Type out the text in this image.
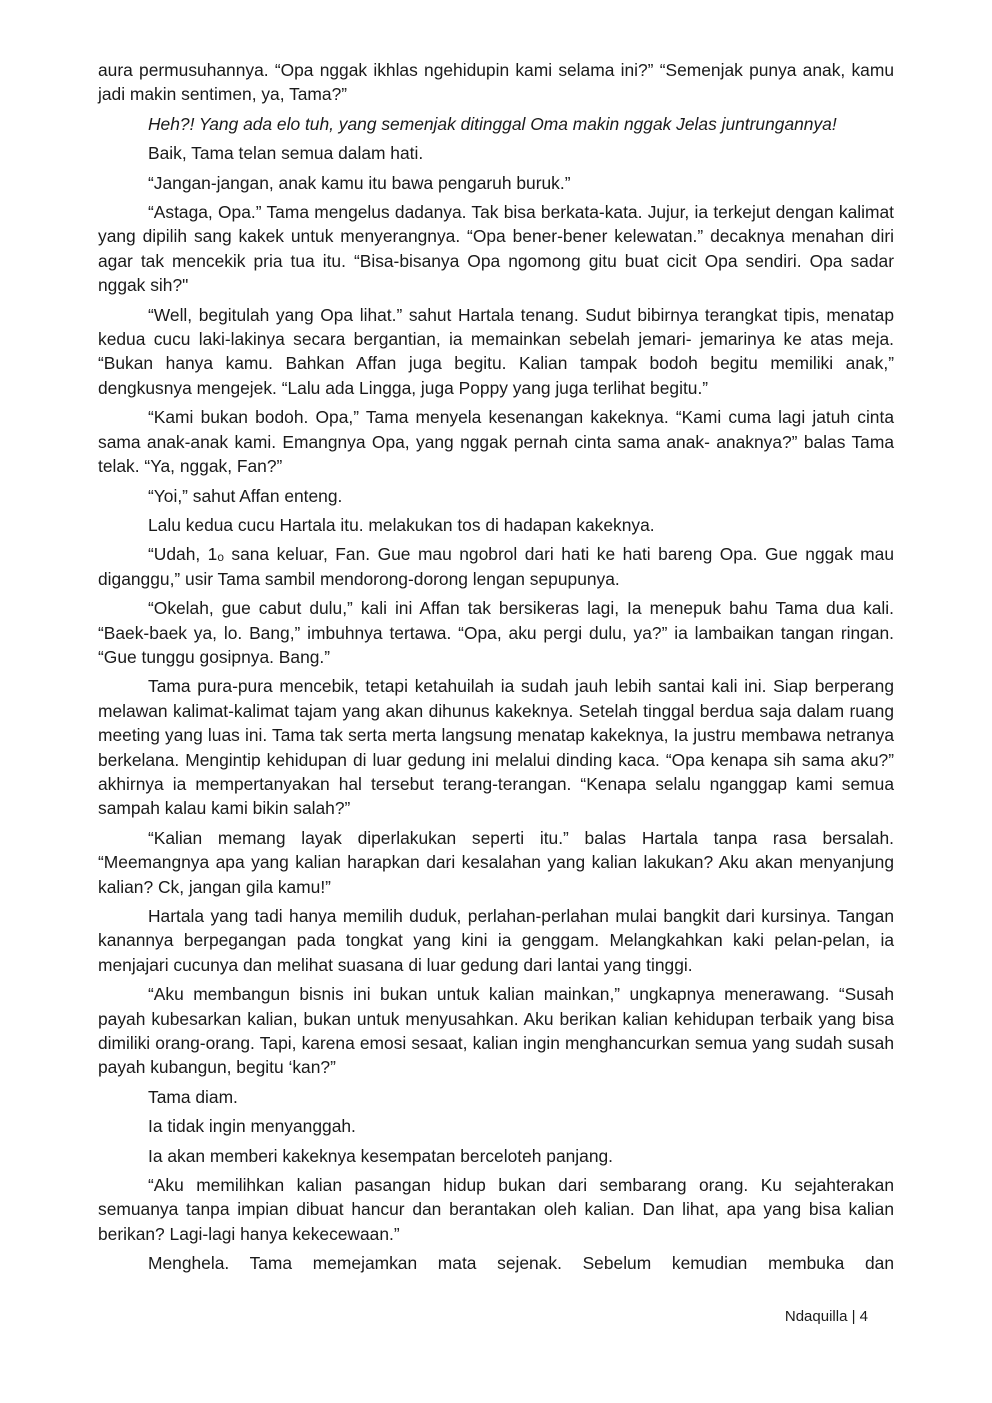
aura permusuhannya. “Opa nggak ikhlas ngehidupin kami selama ini?” “Semenjak punya anak, kamu jadi makin sentimen, ya, Tama?”

Heh?! Yang ada elo tuh, yang semenjak ditinggal Oma makin nggak Jelas juntrungannya!

Baik, Tama telan semua dalam hati.

“Jangan-jangan, anak kamu itu bawa pengaruh buruk.”

“Astaga, Opa.” Tama mengelus dadanya. Tak bisa berkata-kata. Jujur, ia terkejut dengan kalimat yang dipilih sang kakek untuk menyerangnya. “Opa bener-bener kelewatan.” decaknya menahan diri agar tak mencekik pria tua itu. “Bisa-bisanya Opa ngomong gitu buat cicit Opa sendiri. Opa sadar nggak sih?"

“Well, begitulah yang Opa lihat.” sahut Hartala tenang. Sudut bibirnya terangkat tipis, menatap kedua cucu laki-lakinya secara bergantian, ia memainkan sebelah jemari- jemarinya ke atas meja. “Bukan hanya kamu. Bahkan Affan juga begitu. Kalian tampak bodoh begitu memiliki anak,” dengkusnya mengejek. “Lalu ada Lingga, juga Poppy yang juga terlihat begitu.”

“Kami bukan bodoh. Opa,” Tama menyela kesenangan kakeknya. “Kami cuma lagi jatuh cinta sama anak-anak kami. Emangnya Opa, yang nggak pernah cinta sama anak- anaknya?” balas Tama telak. “Ya, nggak, Fan?”

“Yoi,” sahut Affan enteng.

Lalu kedua cucu Hartala itu. melakukan tos di hadapan kakeknya.

“Udah, 1ₒ sana keluar, Fan. Gue mau ngobrol dari hati ke hati bareng Opa. Gue nggak mau diganggu,” usir Tama sambil mendorong-dorong lengan sepupunya.

“Okelah, gue cabut dulu,” kali ini Affan tak bersikeras lagi, Ia menepuk bahu Tama dua kali. “Baek-baek ya, lo. Bang,” imbuhnya tertawa. “Opa, aku pergi dulu, ya?” ia lambaikan tangan ringan. “Gue tunggu gosipnya. Bang.”

Tama pura-pura mencebik, tetapi ketahuilah ia sudah jauh lebih santai kali ini. Siap berperang melawan kalimat-kalimat tajam yang akan dihunus kakeknya. Setelah tinggal berdua saja dalam ruang meeting yang luas ini. Tama tak serta merta langsung menatap kakeknya, Ia justru membawa netranya berkelana. Mengintip kehidupan di luar gedung ini melalui dinding kaca. “Opa kenapa sih sama aku?” akhirnya ia mempertanyakan hal tersebut terang-terangan. “Kenapa selalu nganggap kami semua sampah kalau kami bikin salah?”

“Kalian memang layak diperlakukan seperti itu.” balas Hartala tanpa rasa bersalah. “Meemangnya apa yang kalian harapkan dari kesalahan yang kalian lakukan? Aku akan menyanjung kalian? Ck, jangan gila kamu!”

Hartala yang tadi hanya memilih duduk, perlahan-perlahan mulai bangkit dari kursinya. Tangan kanannya berpegangan pada tongkat yang kini ia genggam. Melangkahkan kaki pelan-pelan, ia menjajari cucunya dan melihat suasana di luar gedung dari lantai yang tinggi.

“Aku membangun bisnis ini bukan untuk kalian mainkan,” ungkapnya menerawang. “Susah payah kubesarkan kalian, bukan untuk menyusahkan. Aku berikan kalian kehidupan terbaik yang bisa dimiliki orang-orang. Tapi, karena emosi sesaat, kalian ingin menghancurkan semua yang sudah susah payah kubangun, begitu ‘kan?”

Tama diam.

Ia tidak ingin menyanggah.

Ia akan memberi kakeknya kesempatan berceloteh panjang.

“Aku memilihkan kalian pasangan hidup bukan dari sembarang orang. Ku sejahterakan semuanya tanpa impian dibuat hancur dan berantakan oleh kalian. Dan lihat, apa yang bisa kalian berikan? Lagi-lagi hanya kekecewaan.”

Menghela. Tama memejamkan mata sejenak. Sebelum kemudian membuka dan

Ndaquilla | 4
